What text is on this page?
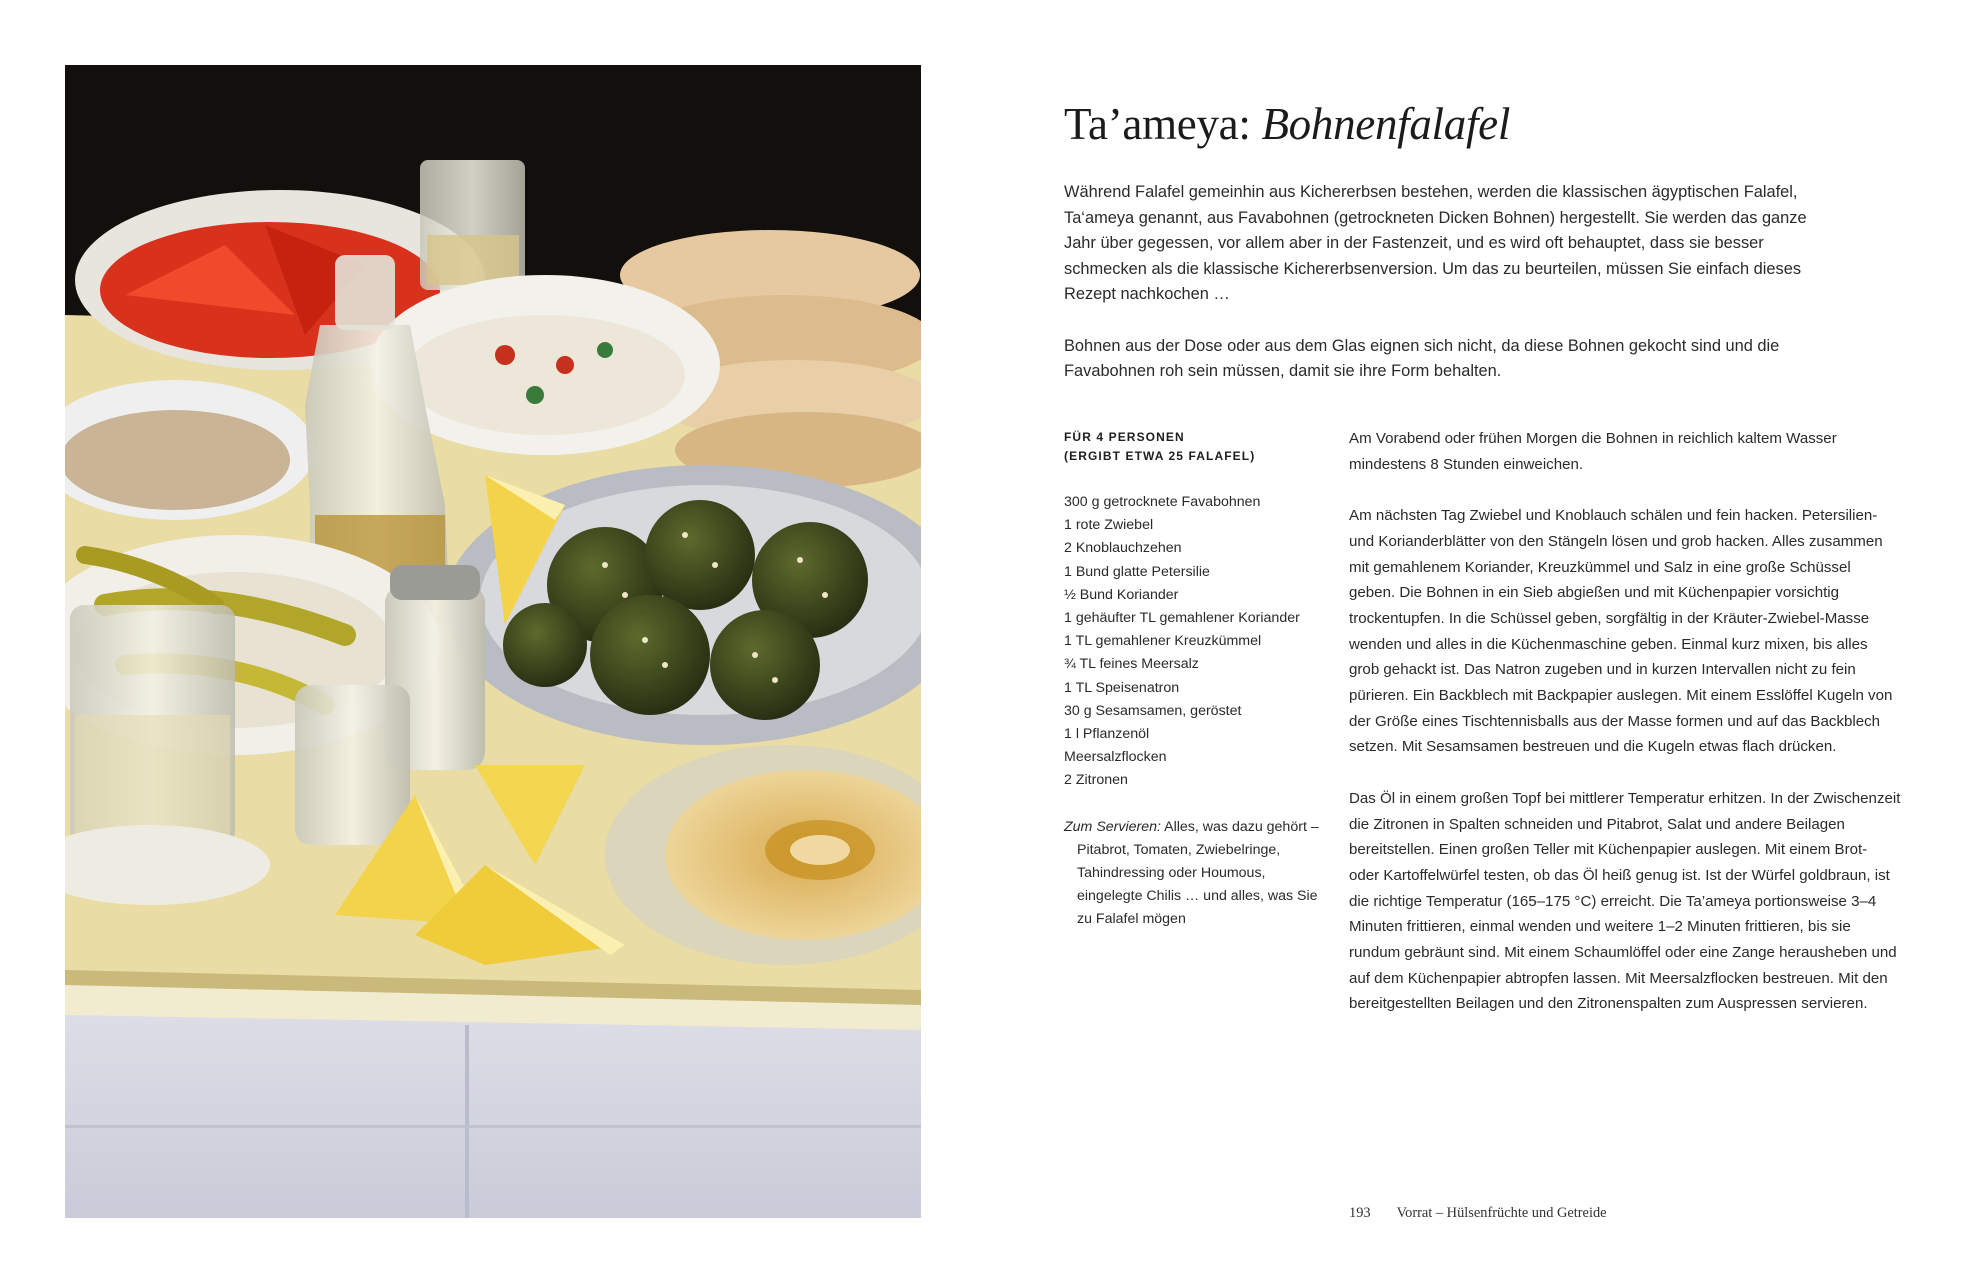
Ta’ameya: Bohnenfalafel

Während Falafel gemeinhin aus Kichererbsen bestehen, werden die klassischen ägyptischen Falafel, Ta‘ameya genannt, aus Favabohnen (getrockneten Dicken Bohnen) hergestellt. Sie werden das ganze Jahr über gegessen, vor allem aber in der Fastenzeit, und es wird oft behauptet, dass sie besser schmecken als die klassische Kichererbsenversion. Um das zu beurteilen, müssen Sie einfach dieses Rezept nachkochen …

Bohnen aus der Dose oder aus dem Glas eignen sich nicht, da diese Bohnen gekocht sind und die Favabohnen roh sein müssen, damit sie ihre Form behalten.

FÜR 4 PERSONEN
(ERGIBT ETWA 25 FALAFEL)
300 g getrocknete Favabohnen
1 rote Zwiebel
2 Knoblauchzehen
1 Bund glatte Petersilie
½ Bund Koriander
1 gehäufter TL gemahlener Koriander
1 TL gemahlener Kreuzkümmel
¾ TL feines Meersalz
1 TL Speisenatron
30 g Sesamsamen, geröstet
1 l Pflanzenöl
Meersalzflocken
2 Zitronen
Zum Servieren: Alles, was dazu gehört – Pitabrot, Tomaten, Zwiebelringe, Tahindressing oder Houmous, eingelegte Chilis … und alles, was Sie zu Falafel mögen

Am Vorabend oder frühen Morgen die Bohnen in reichlich kaltem Wasser mindestens 8 Stunden einweichen.

Am nächsten Tag Zwiebel und Knoblauch schälen und fein hacken. Petersilien- und Korianderblätter von den Stängeln lösen und grob hacken. Alles zusammen mit gemahlenem Koriander, Kreuzkümmel und Salz in eine große Schüssel geben. Die Bohnen in ein Sieb abgießen und mit Küchenpapier vorsichtig trockentupfen. In die Schüssel geben, sorgfältig in der Kräuter-Zwiebel-Masse wenden und alles in die Küchenmaschine geben. Einmal kurz mixen, bis alles grob gehackt ist. Das Natron zugeben und in kurzen Intervallen nicht zu fein pürieren. Ein Backblech mit Backpapier auslegen. Mit einem Esslöffel Kugeln von der Größe eines Tischtennisballs aus der Masse formen und auf das Backblech setzen. Mit Sesamsamen bestreuen und die Kugeln etwas flach drücken.

Das Öl in einem großen Topf bei mittlerer Temperatur erhitzen. In der Zwischenzeit die Zitronen in Spalten schneiden und Pitabrot, Salat und andere Beilagen bereitstellen. Einen großen Teller mit Küchenpapier auslegen. Mit einem Brot- oder Kartoffelwürfel testen, ob das Öl heiß genug ist. Ist der Würfel goldbraun, ist die richtige Temperatur (165–175 °C) erreicht. Die Ta’ameya portionsweise 3–4 Minuten frittieren, einmal wenden und weitere 1–2 Minuten frittieren, bis sie rundum gebräunt sind. Mit einem Schaumlöffel oder eine Zange herausheben und auf dem Küchenpapier abtropfen lassen. Mit Meersalzflocken bestreuen. Mit den bereitgestellten Beilagen und den Zitronenspalten zum Auspressen servieren.

193 Vorrat – Hülsenfrüchte und Getreide
